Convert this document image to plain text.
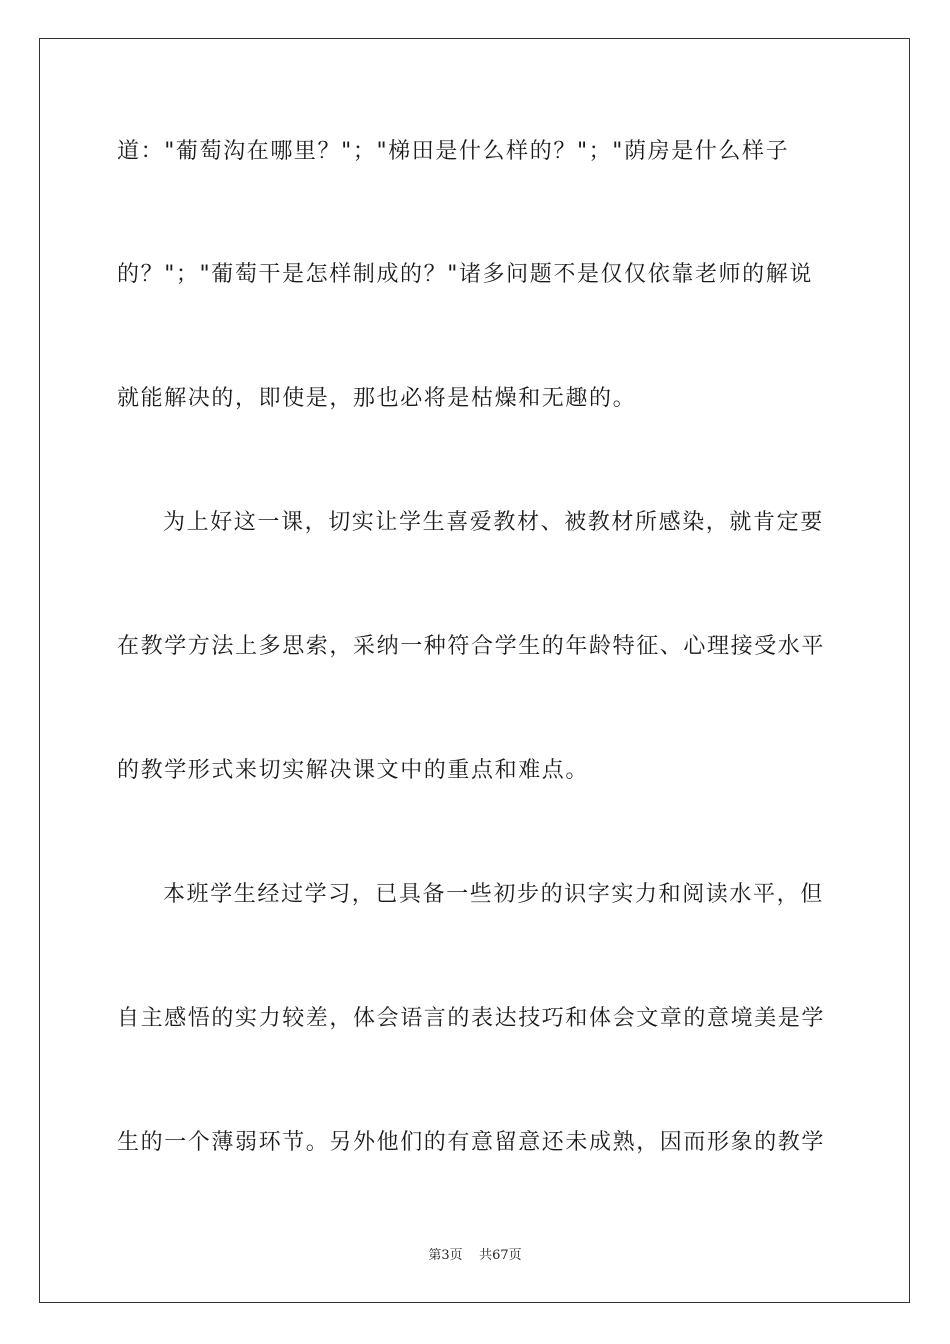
道："葡萄沟在哪里？"；"梯田是什么样的？"；"荫房是什么样子
的？"；"葡萄干是怎样制成的？"诸多问题不是仅仅依靠老师的解说
就能解决的，即使是，那也必将是枯燥和无趣的。
为上好这一课，切实让学生喜爱教材、被教材所感染，就肯定要
在教学方法上多思索，采纳一种符合学生的年龄特征、心理接受水平
的教学形式来切实解决课文中的重点和难点。
本班学生经过学习，已具备一些初步的识字实力和阅读水平，但
自主感悟的实力较差，体会语言的表达技巧和体会文章的意境美是学
生的一个薄弱环节。另外他们的有意留意还未成熟，因而形象的教学
第3页 共67页
